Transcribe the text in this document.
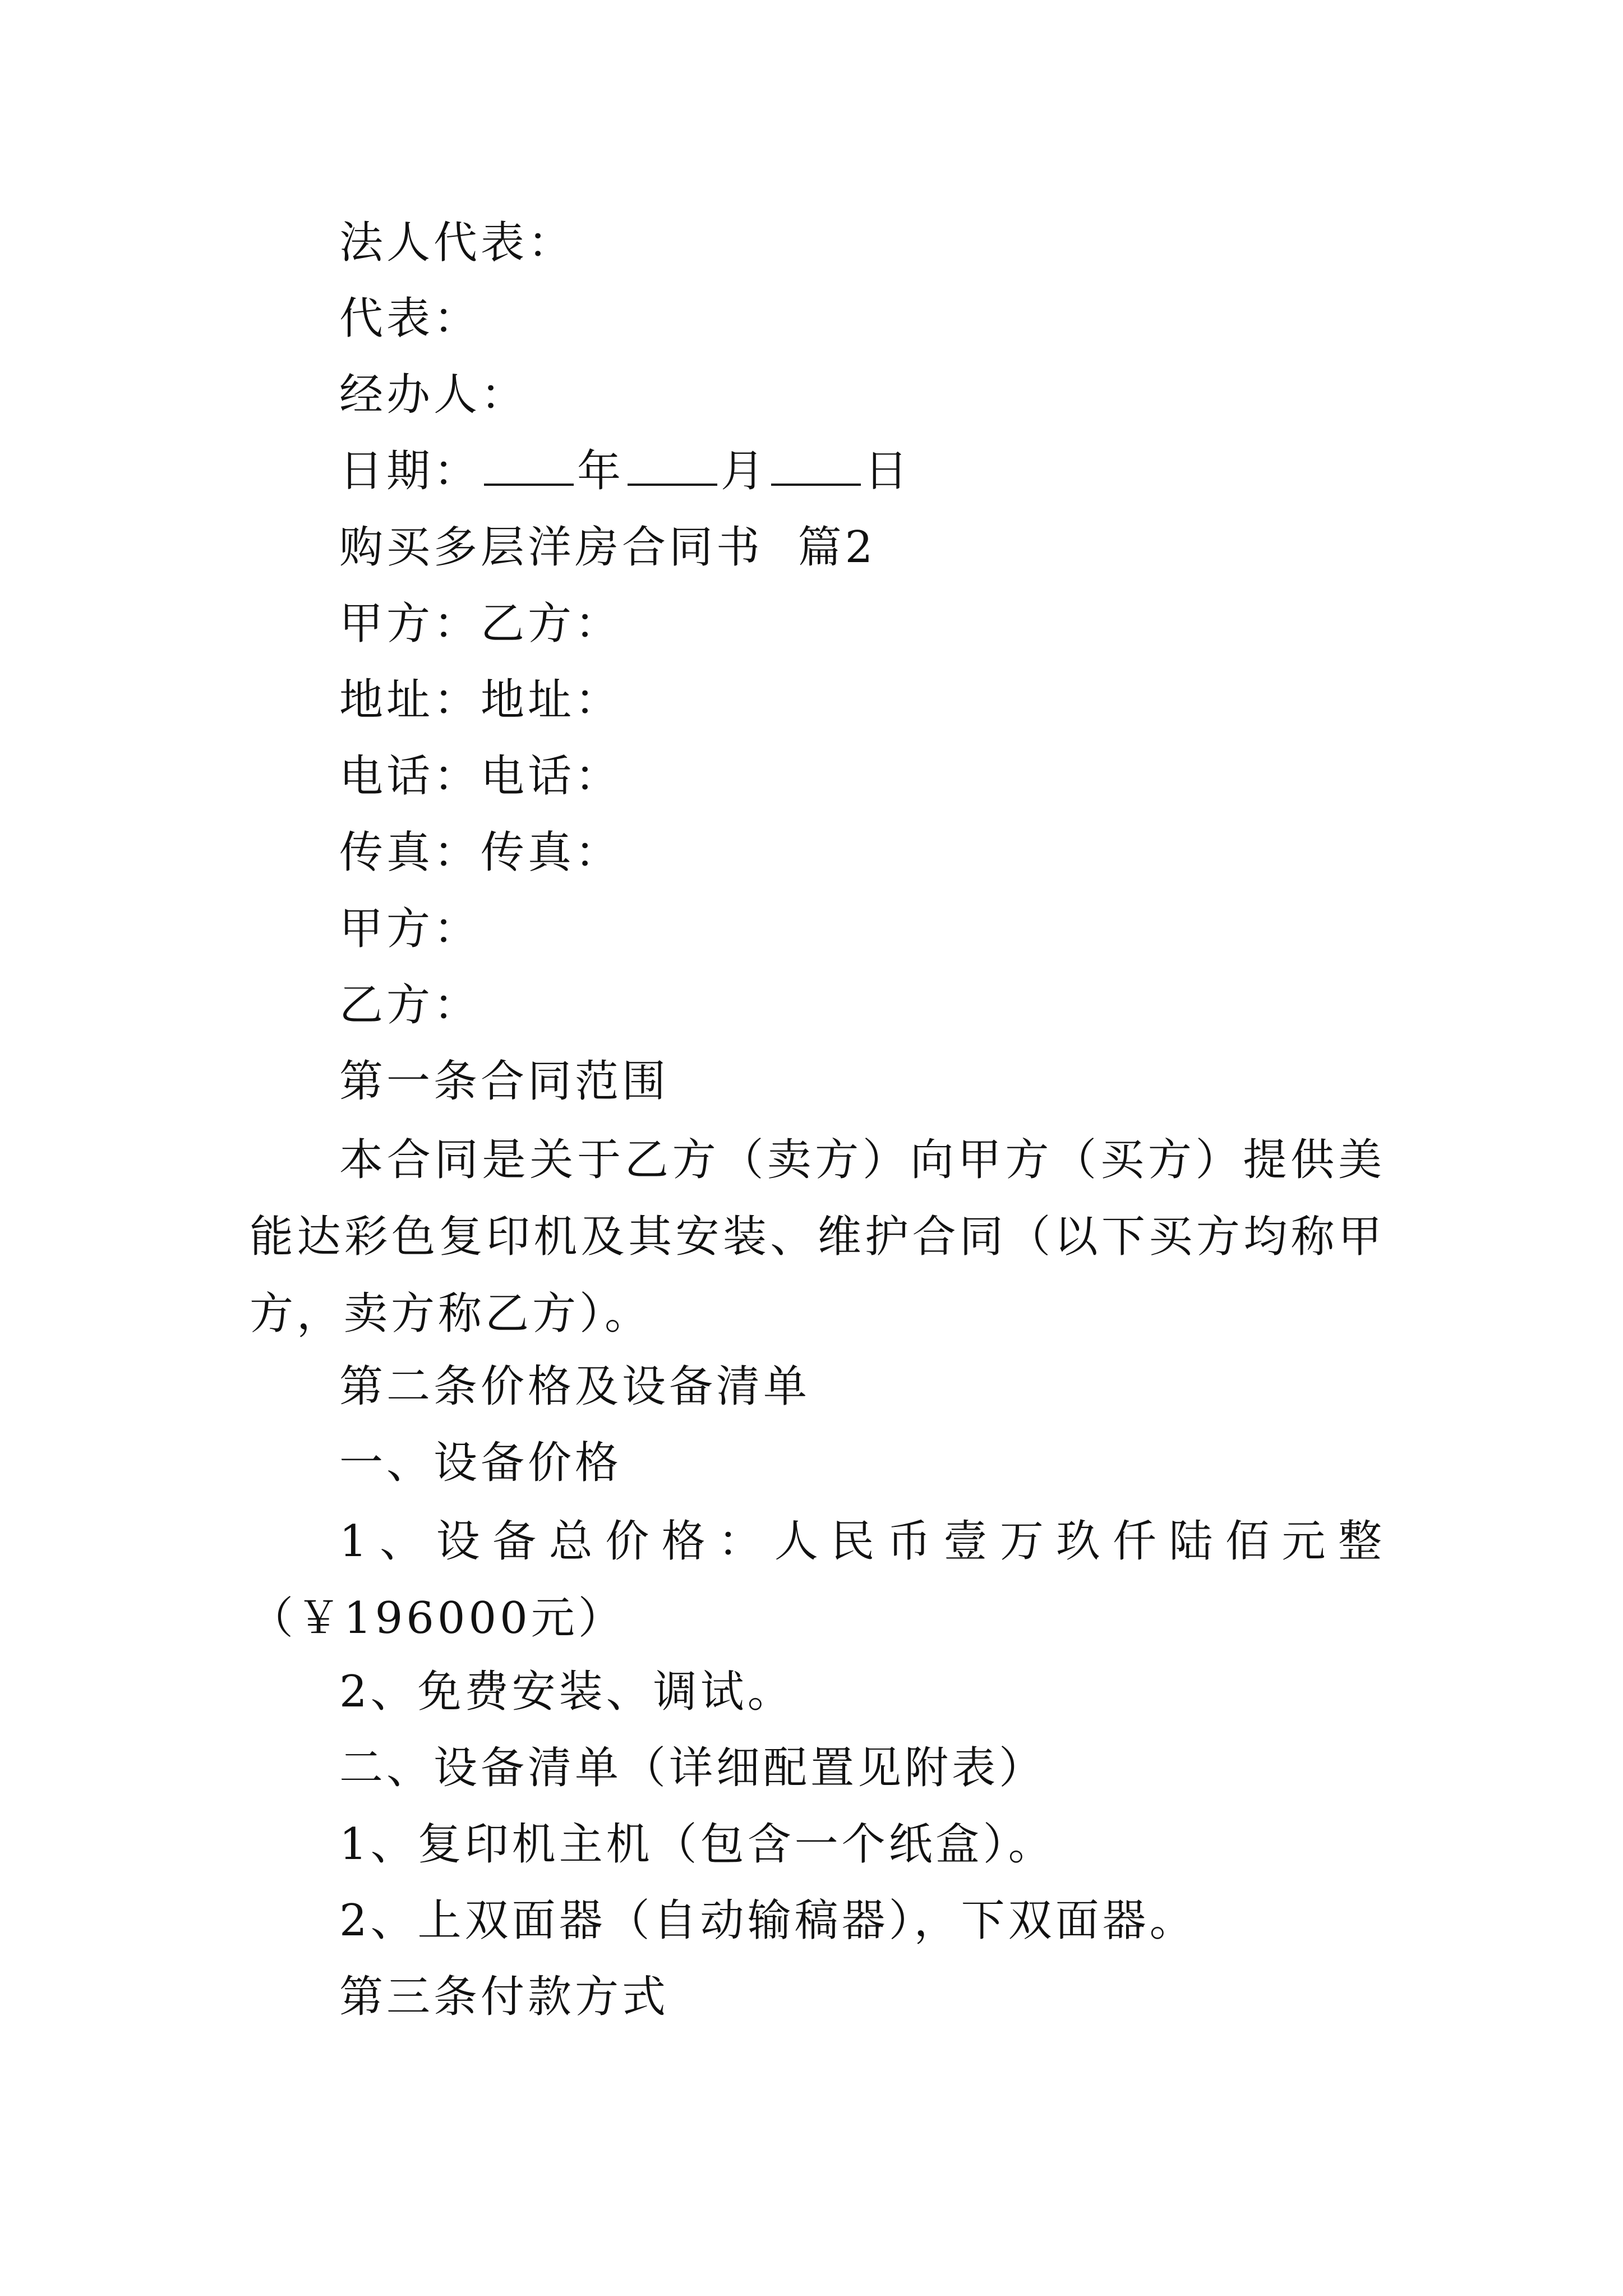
法人代表：
代表：
经办人：
日期： 年 月 日
购买多层洋房合同书  篇2
甲方：乙方：
地址：地址：
电话：电话：
传真：传真：
甲方：
乙方：
第一条合同范围
本合同是关于乙方（卖方）向甲方（买方）提供美能达彩色复印机及其安装、维护合同（以下买方均称甲方，卖方称乙方）。
第二条价格及设备清单
一、设备价格
1、设备总价格：人民币壹万玖仟陆佰元整（￥196000元）
2、免费安装、调试。
二、设备清单（详细配置见附表）
1、复印机主机（包含一个纸盒）。
2、上双面器（自动输稿器），下双面器。
第三条付款方式
